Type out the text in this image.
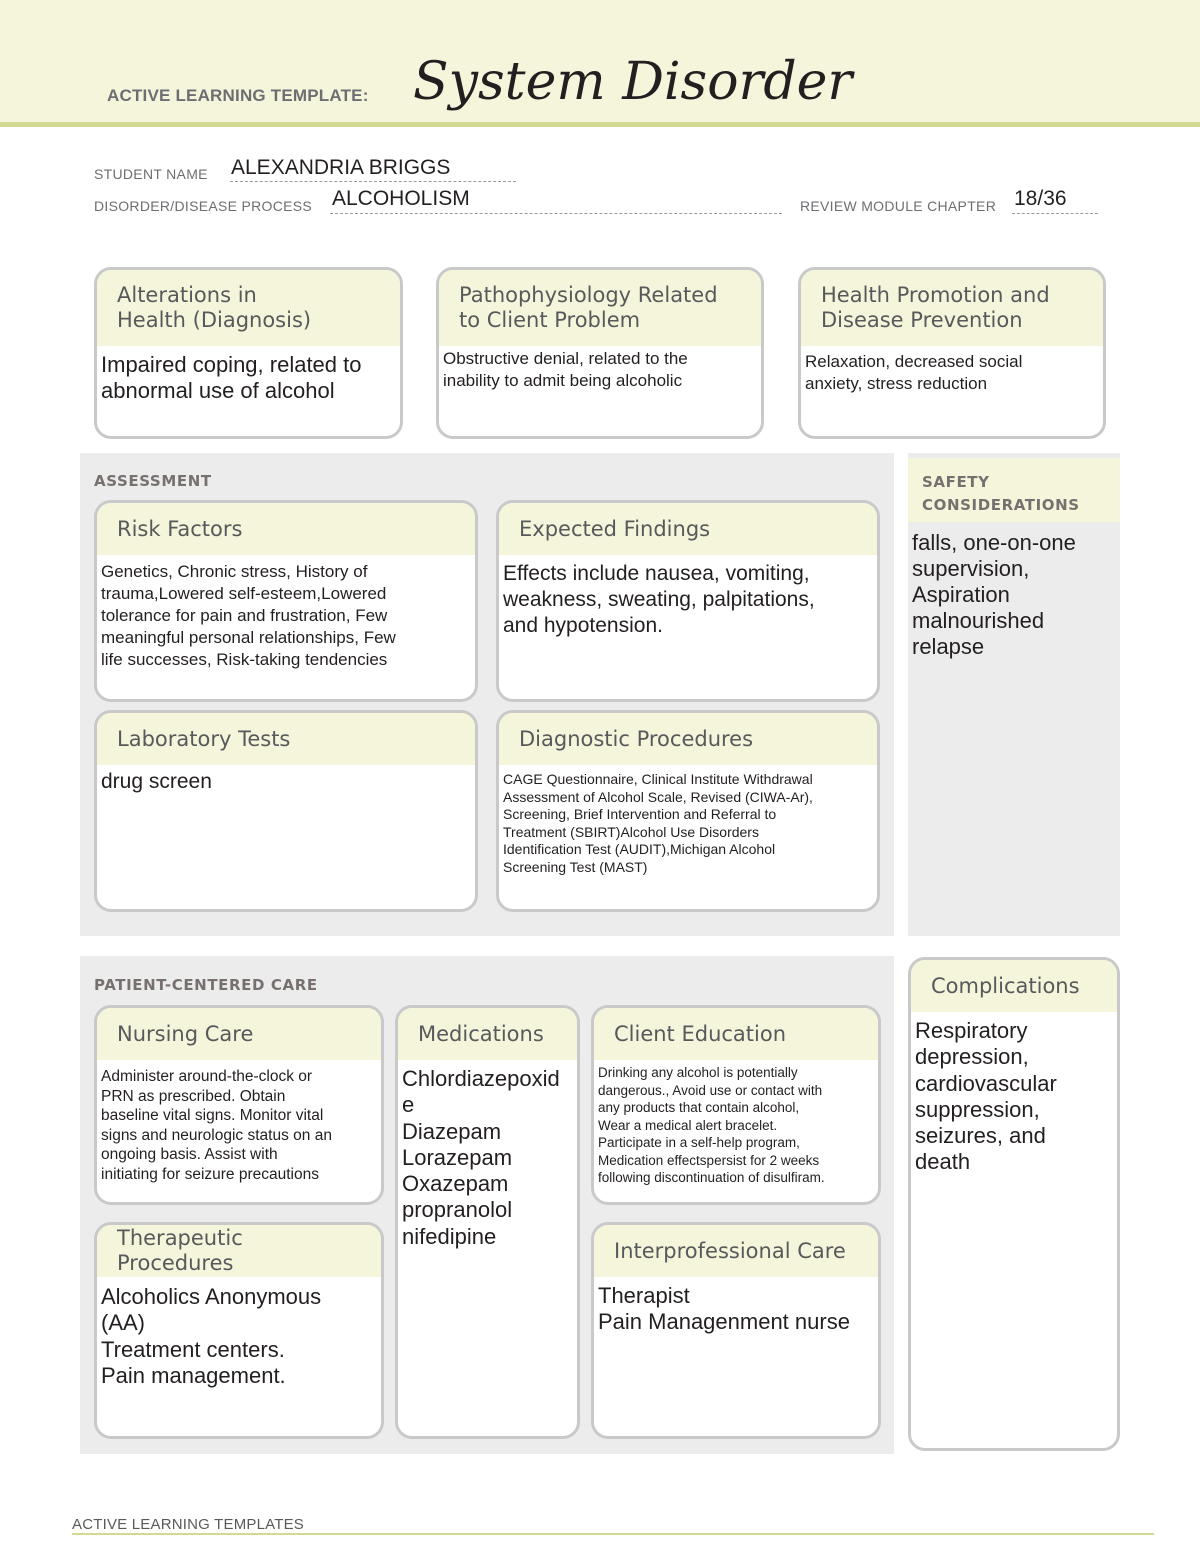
ACTIVE LEARNING TEMPLATE: System Disorder
STUDENT NAME ALEXANDRIA BRIGGS
DISORDER/DISEASE PROCESS ALCOHOLISM	REVIEW MODULE CHAPTER 18/36
Alterations in
Health (Diagnosis)
Impaired coping, related to
abnormal use of alcohol
Pathophysiology Related
to Client Problem
Obstructive denial, related to the
inability to admit being alcoholic
Health Promotion and
Disease Prevention
Relaxation, decreased social
anxiety, stress reduction
ASSESSMENT
Risk Factors
Genetics, Chronic stress, History of
trauma,Lowered self-esteem,Lowered
tolerance for pain and frustration, Few
meaningful personal relationships, Few
life successes, Risk-taking tendencies
Expected Findings
Effects include nausea, vomiting,
weakness, sweating, palpitations,
and hypotension.
Laboratory Tests
drug screen
Diagnostic Procedures
CAGE Questionnaire, Clinical Institute Withdrawal
Assessment of Alcohol Scale, Revised (CIWA-Ar),
Screening, Brief Intervention and Referral to
Treatment (SBIRT)Alcohol Use Disorders
Identification Test (AUDIT),Michigan Alcohol
Screening Test (MAST)
SAFETY
CONSIDERATIONS
falls, one-on-one
supervision,
Aspiration
malnourished
relapse
PATIENT-CENTERED CARE
Nursing Care
Administer around-the-clock or
PRN as prescribed. Obtain
baseline vital signs. Monitor vital
signs and neurologic status on an
ongoing basis. Assist with
initiating for seizure precautions
Medications
Chlordiazepoxid
e
Diazepam
Lorazepam
Oxazepam
propranolol
nifedipine
Client Education
Drinking any alcohol is potentially
dangerous., Avoid use or contact with
any products that contain alcohol,
Wear a medical alert bracelet.
Participate in a self-help program,
Medication effectspersist for 2 weeks
following discontinuation of disulfiram.
Therapeutic Procedures
Alcoholics Anonymous
(AA)
Treatment centers.
Pain management.
Interprofessional Care
Therapist
Pain Managenment nurse
Complications
Respiratory
depression,
cardiovascular
suppression,
seizures, and
death
ACTIVE LEARNING TEMPLATES
